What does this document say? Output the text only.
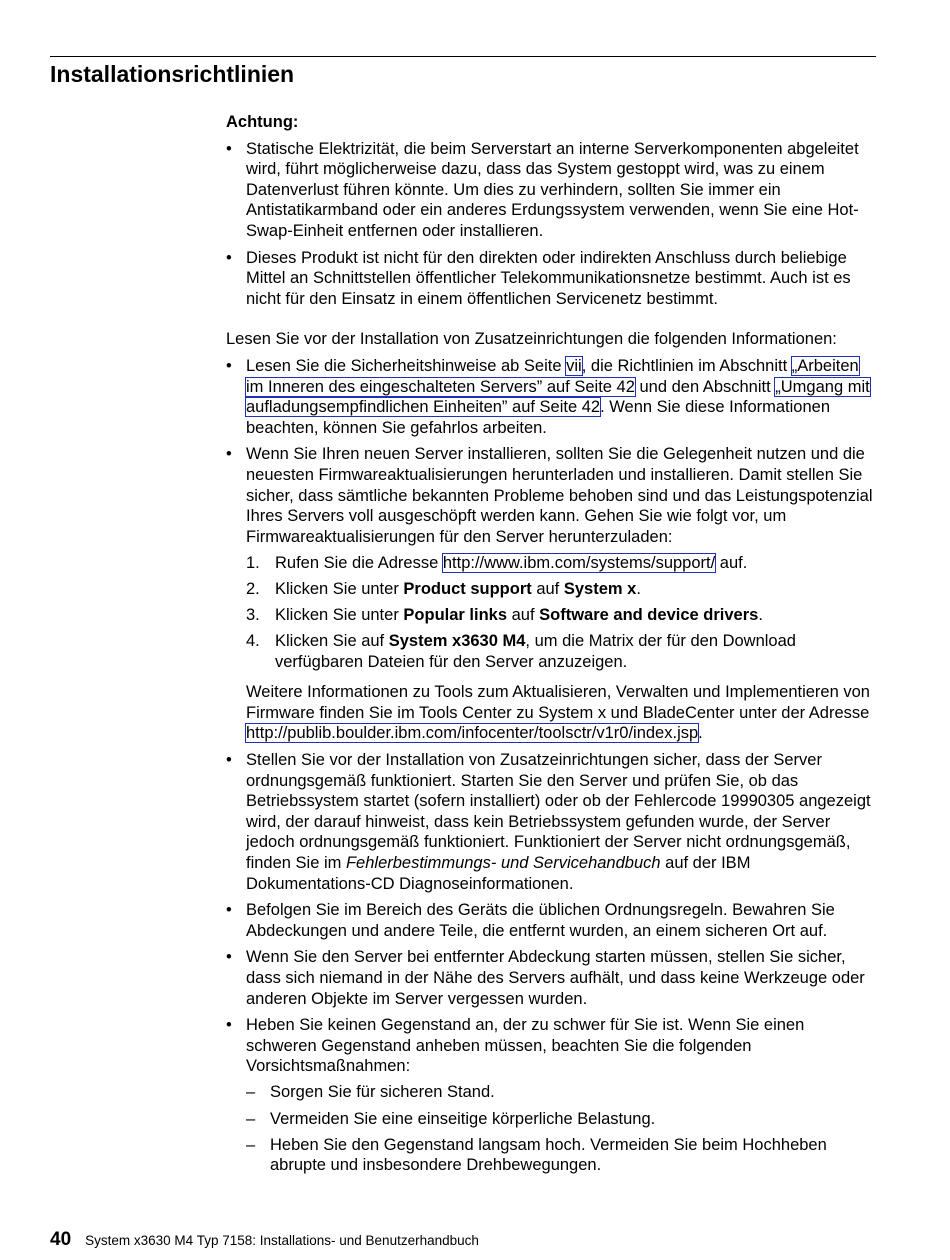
Installationsrichtlinien

Achtung:

• Statische Elektrizität, die beim Serverstart an interne Serverkomponenten abgeleitet wird, führt möglicherweise dazu, dass das System gestoppt wird, was zu einem Datenverlust führen könnte. Um dies zu verhindern, sollten Sie immer ein Antistatikarmband oder ein anderes Erdungssystem verwenden, wenn Sie eine Hot-Swap-Einheit entfernen oder installieren.
• Dieses Produkt ist nicht für den direkten oder indirekten Anschluss durch beliebige Mittel an Schnittstellen öffentlicher Telekommunikationsnetze bestimmt. Auch ist es nicht für den Einsatz in einem öffentlichen Servicenetz bestimmt.

Lesen Sie vor der Installation von Zusatzeinrichtungen die folgenden Informationen:

• Lesen Sie die Sicherheitshinweise ab Seite vii, die Richtlinien im Abschnitt „Arbeiten im Inneren des eingeschalteten Servers” auf Seite 42 und den Abschnitt „Umgang mit aufladungsempfindlichen Einheiten” auf Seite 42. Wenn Sie diese Informationen beachten, können Sie gefahrlos arbeiten.
• Wenn Sie Ihren neuen Server installieren, sollten Sie die Gelegenheit nutzen und die neuesten Firmwareaktualisierungen herunterladen und installieren. Damit stellen Sie sicher, dass sämtliche bekannten Probleme behoben sind und das Leistungspotenzial Ihres Servers voll ausgeschöpft werden kann. Gehen Sie wie folgt vor, um Firmwareaktualisierungen für den Server herunterzuladen:
1. Rufen Sie die Adresse http://www.ibm.com/systems/support/ auf.
2. Klicken Sie unter Product support auf System x.
3. Klicken Sie unter Popular links auf Software and device drivers.
4. Klicken Sie auf System x3630 M4, um die Matrix der für den Download verfügbaren Dateien für den Server anzuzeigen.

Weitere Informationen zu Tools zum Aktualisieren, Verwalten und Implementieren von Firmware finden Sie im Tools Center zu System x und BladeCenter unter der Adresse
http://publib.boulder.ibm.com/infocenter/toolsctr/v1r0/index.jsp.

• Stellen Sie vor der Installation von Zusatzeinrichtungen sicher, dass der Server ordnungsgemäß funktioniert. Starten Sie den Server und prüfen Sie, ob das Betriebssystem startet (sofern installiert) oder ob der Fehlercode 19990305 angezeigt wird, der darauf hinweist, dass kein Betriebssystem gefunden wurde, der Server jedoch ordnungsgemäß funktioniert. Funktioniert der Server nicht ordnungsgemäß, finden Sie im Fehlerbestimmungs- und Servicehandbuch auf der IBM Dokumentations-CD Diagnoseinformationen.
• Befolgen Sie im Bereich des Geräts die üblichen Ordnungsregeln. Bewahren Sie Abdeckungen und andere Teile, die entfernt wurden, an einem sicheren Ort auf.
• Wenn Sie den Server bei entfernter Abdeckung starten müssen, stellen Sie sicher, dass sich niemand in der Nähe des Servers aufhält, und dass keine Werkzeuge oder anderen Objekte im Server vergessen wurden.
• Heben Sie keinen Gegenstand an, der zu schwer für Sie ist. Wenn Sie einen schweren Gegenstand anheben müssen, beachten Sie die folgenden Vorsichtsmaßnahmen:
– Sorgen Sie für sicheren Stand.
– Vermeiden Sie eine einseitige körperliche Belastung.
– Heben Sie den Gegenstand langsam hoch. Vermeiden Sie beim Hochheben abrupte und insbesondere Drehbewegungen.
40 System x3630 M4 Typ 7158: Installations- und Benutzerhandbuch
